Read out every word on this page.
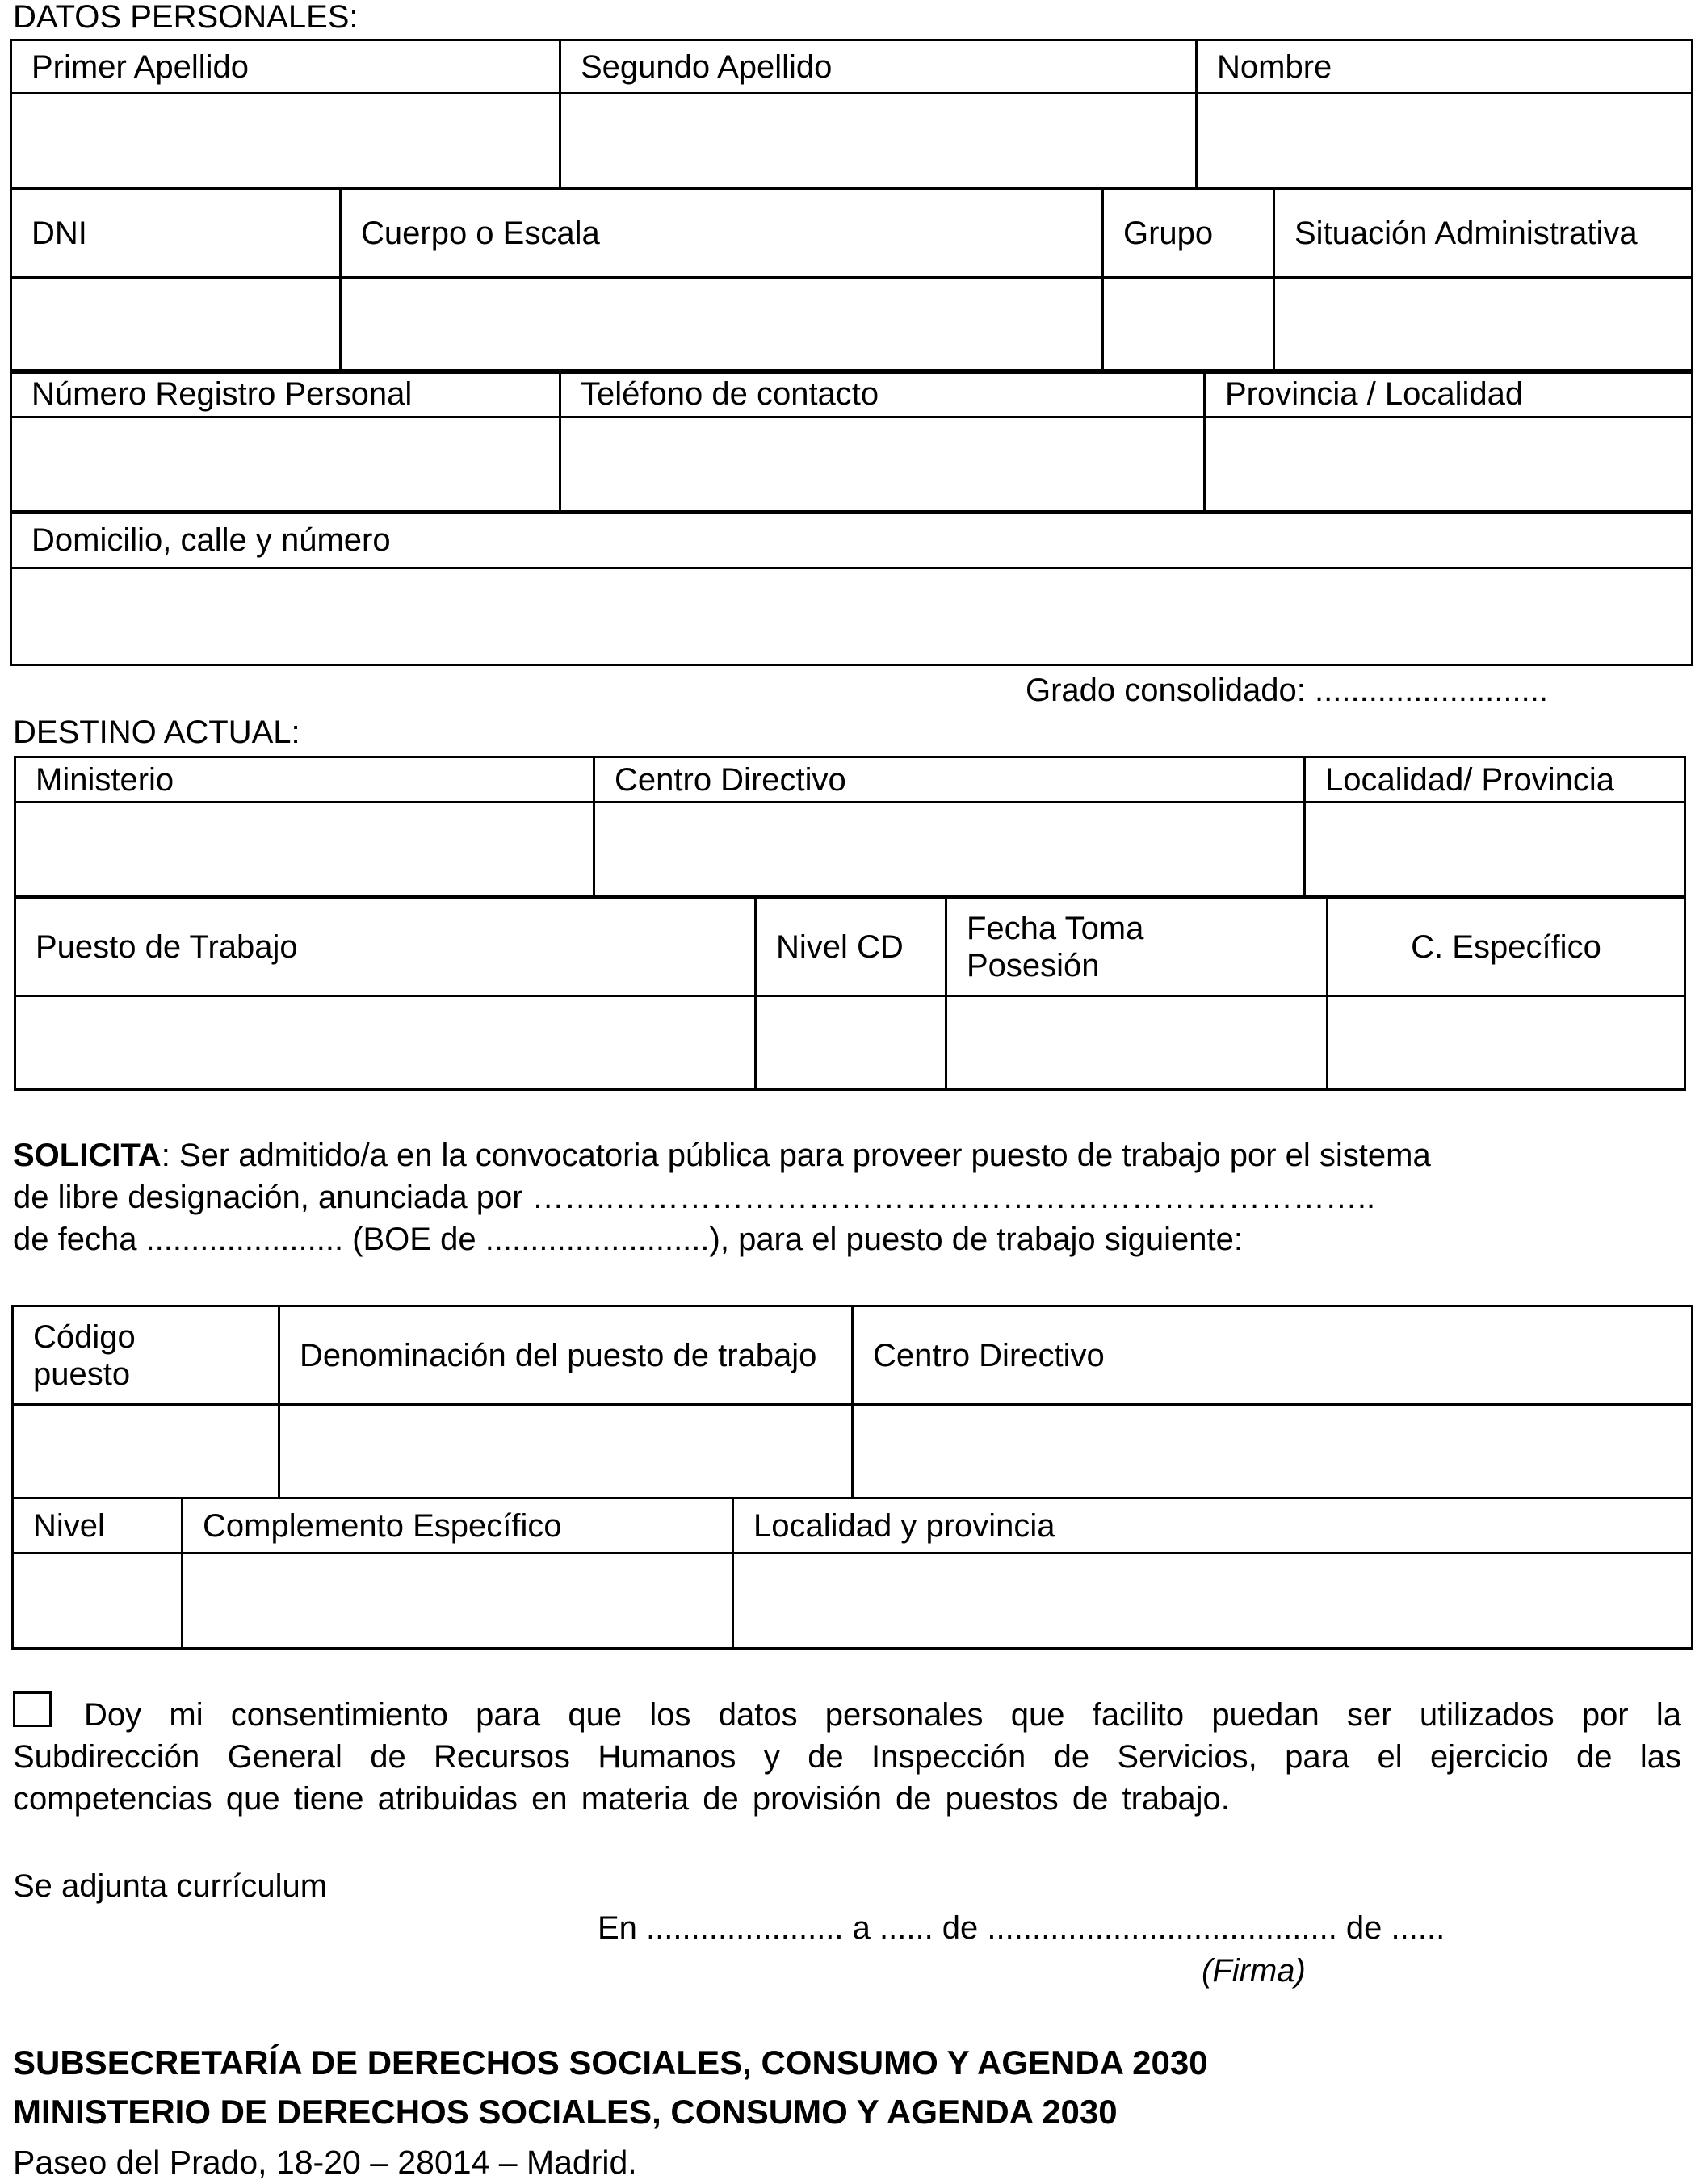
DATOS PERSONALES:
Primer Apellido	Segundo Apellido	Nombre

DNI	Cuerpo o Escala	Grupo	Situación Administrativa

Número Registro Personal	Teléfono de contacto	Provincia / Localidad

Domicilio, calle y número

Grado consolidado: ..........................
DESTINO ACTUAL:
Ministerio	Centro Directivo	Localidad/ Provincia

Puesto de Trabajo	Nivel CD	Fecha Toma Posesión	C. Específico

SOLICITA: Ser admitido/a en la convocatoria pública para proveer puesto de trabajo por el sistema
de libre designación, anunciada por ……..……………………………………………………………..
de fecha ...................... (BOE de .........................), para el puesto de trabajo siguiente:
Código puesto	Denominación del puesto de trabajo	Centro Directivo

Nivel	Complemento Específico	Localidad y provincia

Doy mi consentimiento para que los datos personales que facilito puedan ser utilizados por la Subdirección General de Recursos Humanos y de Inspección de Servicios, para el ejercicio de las competencias que tiene atribuidas en materia de provisión de puestos de trabajo.
Se adjunta currículum
En ...................... a ...... de ....................................... de ......
(Firma)
SUBSECRETARÍA DE DERECHOS SOCIALES, CONSUMO Y AGENDA 2030
MINISTERIO DE DERECHOS SOCIALES, CONSUMO Y AGENDA 2030
Paseo del Prado, 18-20 – 28014 – Madrid.
